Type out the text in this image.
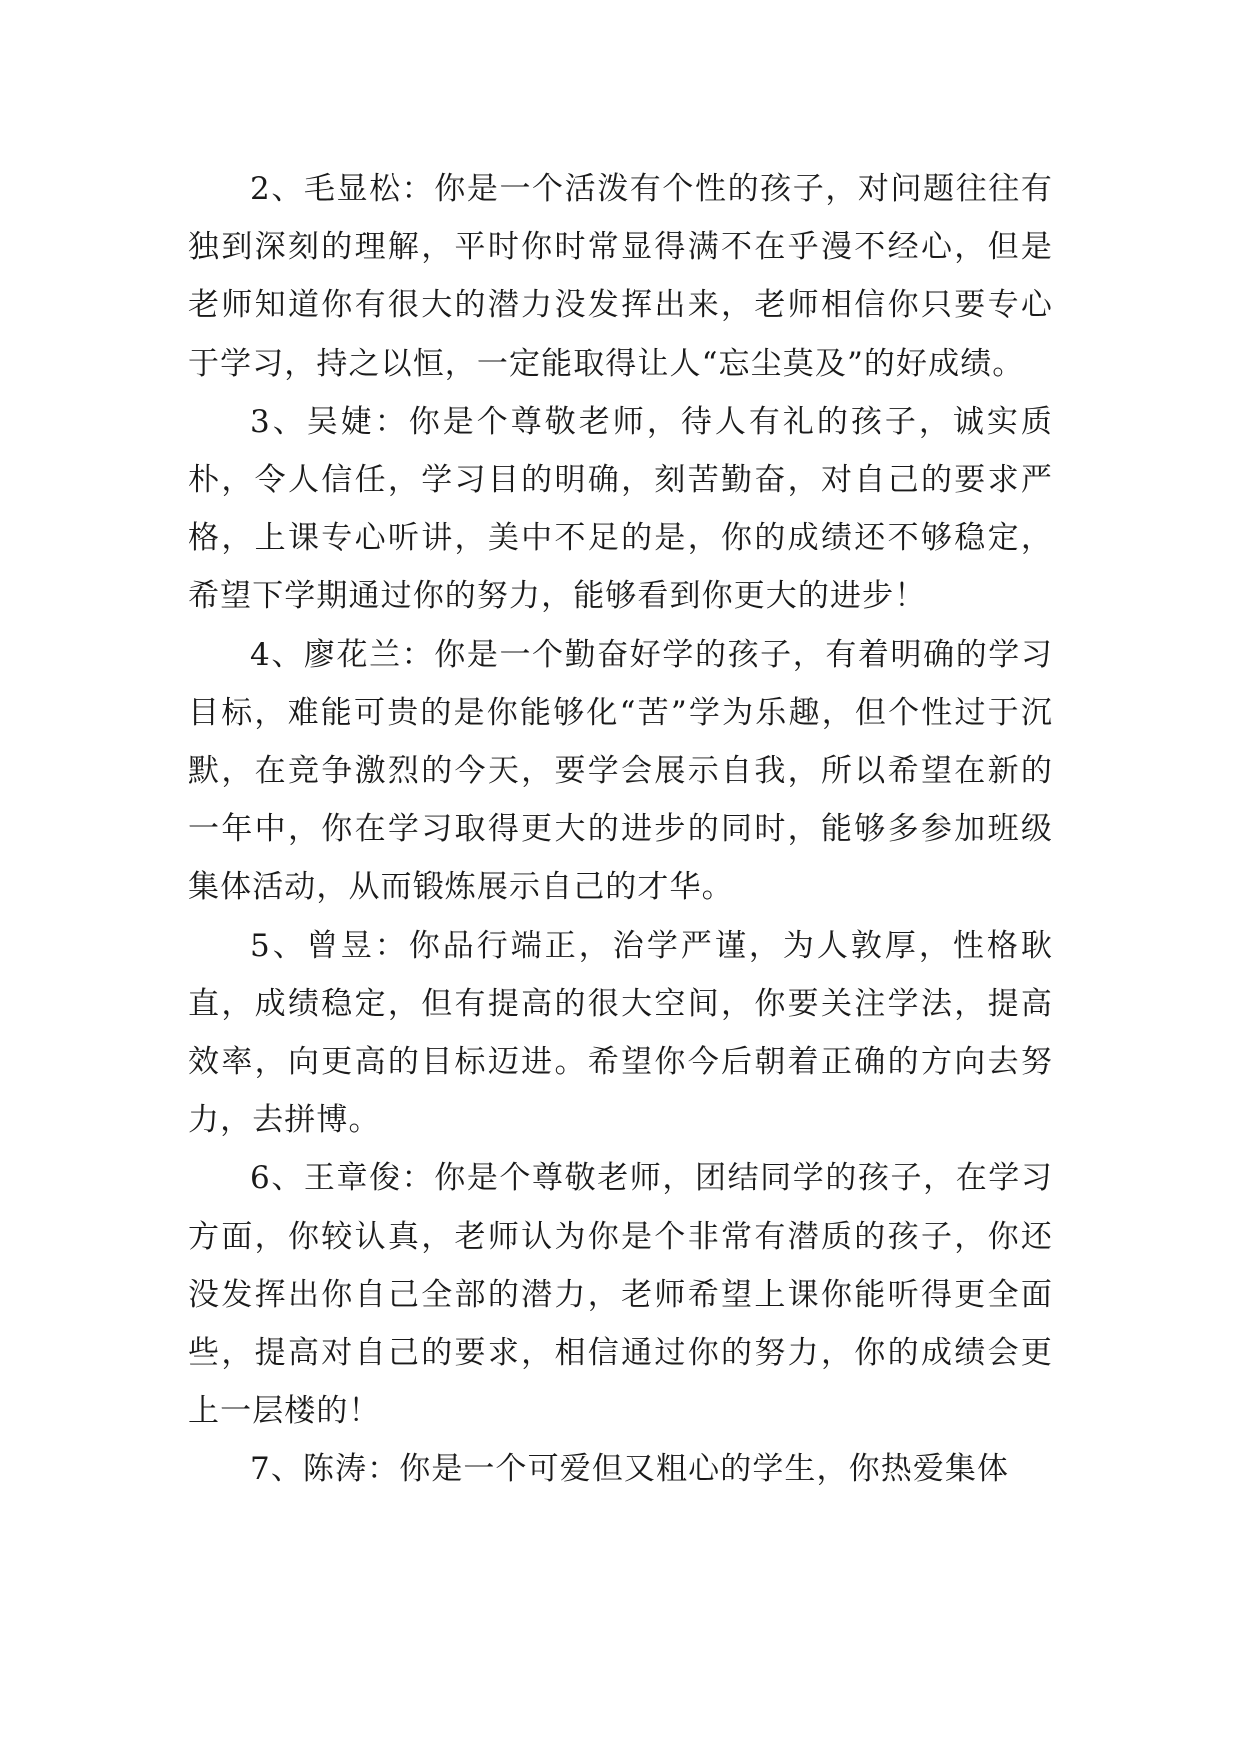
2、毛显松：你是一个活泼有个性的孩子，对问题往往有独到深刻的理解，平时你时常显得满不在乎漫不经心，但是老师知道你有很大的潜力没发挥出来，老师相信你只要专心于学习，持之以恒，一定能取得让人“忘尘莫及”的好成绩。

3、吴婕：你是个尊敬老师，待人有礼的孩子，诚实质朴，令人信任，学习目的明确，刻苦勤奋，对自己的要求严格，上课专心听讲，美中不足的是，你的成绩还不够稳定，希望下学期通过你的努力，能够看到你更大的进步！

4、廖花兰：你是一个勤奋好学的孩子，有着明确的学习目标，难能可贵的是你能够化“苦”学为乐趣，但个性过于沉默，在竞争激烈的今天，要学会展示自我，所以希望在新的一年中，你在学习取得更大的进步的同时，能够多参加班级集体活动，从而锻炼展示自己的才华。

5、曾昱：你品行端正，治学严谨，为人敦厚，性格耿直，成绩稳定，但有提高的很大空间，你要关注学法，提高效率，向更高的目标迈进。希望你今后朝着正确的方向去努力，去拼博。

6、王章俊：你是个尊敬老师，团结同学的孩子，在学习方面，你较认真，老师认为你是个非常有潜质的孩子，你还没发挥出你自己全部的潜力，老师希望上课你能听得更全面些，提高对自己的要求，相信通过你的努力，你的成绩会更上一层楼的！

7、陈涛：你是一个可爱但又粗心的学生，你热爱集体
